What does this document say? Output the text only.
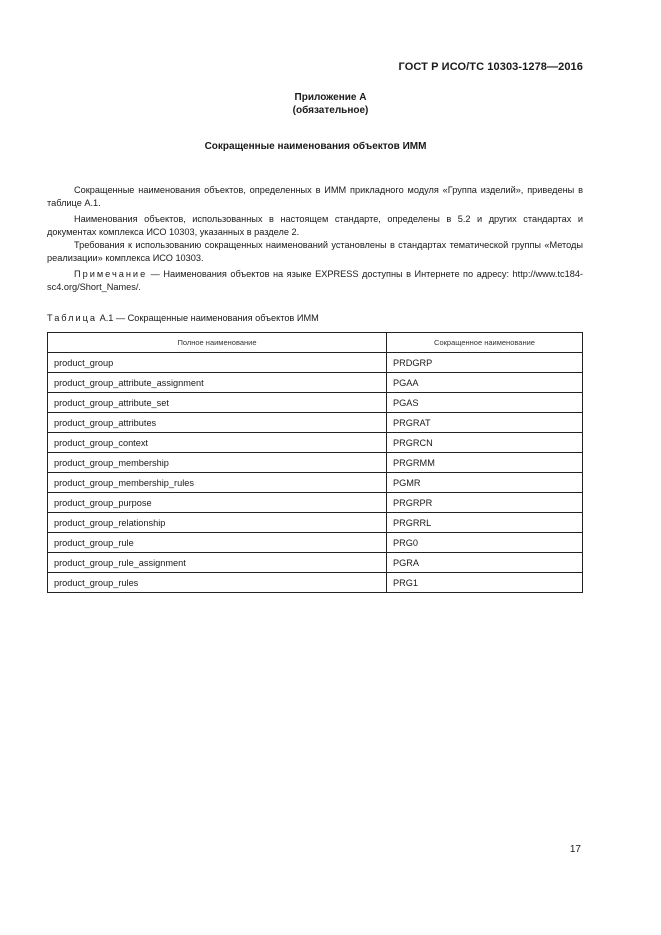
ГОСТ Р ИСО/ТС 10303-1278—2016
Приложение А
(обязательное)
Сокращенные наименования объектов ИММ
Сокращенные наименования объектов, определенных в ИММ прикладного модуля «Группа изделий», приведены в таблице А.1.
Наименования объектов, использованных в настоящем стандарте, определены в 5.2 и других стандартах и документах комплекса ИСО 10303, указанных в разделе 2.
Требования к использованию сокращенных наименований установлены в стандартах тематической группы «Методы реализации» комплекса ИСО 10303.
Примечание — Наименования объектов на языке EXPRESS доступны в Интернете по адресу: http://www.tc184-sc4.org/Short_Names/.
Таблица А.1 — Сокращенные наименования объектов ИММ
Полное наименование	Сокращенное наименование
product_group	PRDGRP
product_group_attribute_assignment	PGAA
product_group_attribute_set	PGAS
product_group_attributes	PRGRAT
product_group_context	PRGRCN
product_group_membership	PRGRMM
product_group_membership_rules	PGMR
product_group_purpose	PRGRPR
product_group_relationship	PRGRRL
product_group_rule	PRG0
product_group_rule_assignment	PGRA
product_group_rules	PRG1
17
